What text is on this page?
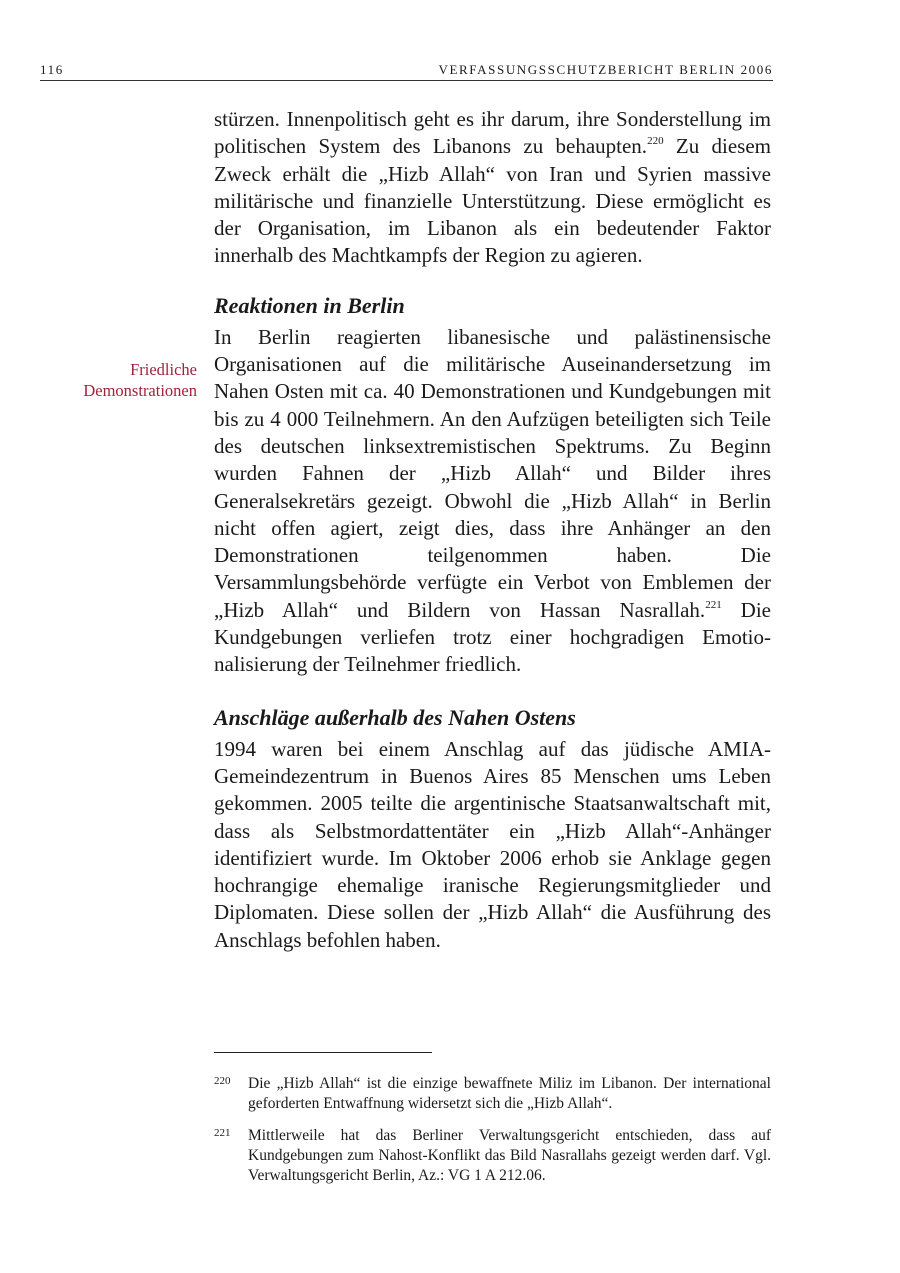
116	VERFASSUNGSSCHUTZBERICHT BERLIN 2006
Friedliche
Demonstrationen

stürzen. Innenpolitisch geht es ihr darum, ihre Sonderstellung im politischen System des Libanons zu behaupten.$^{220}$ Zu diesem Zweck erhält die „Hizb Allah“ von Iran und Syrien massive militärische und finanzielle Unterstützung. Diese ermöglicht es der Organisation, im Libanon als ein bedeutender Faktor innerhalb des Machtkampfs der Region zu agieren.

Reaktionen in Berlin

In Berlin reagierten libanesische und palästinensische Organisationen auf die militärische Auseinandersetzung im Nahen Osten mit ca. 40 Demonstrationen und Kundgebungen mit bis zu 4 000 Teilnehmern. An den Aufzügen beteiligten sich Teile des deutschen linksextremistischen Spektrums. Zu Beginn wurden Fahnen der „Hizb Allah“ und Bilder ihres Generalsekretärs gezeigt. Obwohl die „Hizb Allah“ in Berlin nicht offen agiert, zeigt dies, dass ihre Anhänger an den Demonstrationen teilgenommen haben. Die Versammlungsbehörde verfügte ein Verbot von Emblemen der „Hizb Allah“ und Bildern von Hassan Nasrallah.$^{221}$ Die Kundgebungen verliefen trotz einer hochgradigen Emotionalisierung der Teilnehmer friedlich.

Anschläge außerhalb des Nahen Ostens

1994 waren bei einem Anschlag auf das jüdische AMIA-Gemeindezentrum in Buenos Aires 85 Menschen ums Leben gekommen. 2005 teilte die argentinische Staatsanwaltschaft mit, dass als Selbstmordattentäter ein „Hizb Allah“-Anhänger identifiziert wurde. Im Oktober 2006 erhob sie Anklage gegen hochrangige ehemalige iranische Regierungsmitglieder und Diplomaten. Diese sollen der „Hizb Allah“ die Ausführung des Anschlags befohlen haben.

220 Die „Hizb Allah“ ist die einzige bewaffnete Miliz im Libanon. Der international geforderten Entwaffnung widersetzt sich die „Hizb Allah“.
221 Mittlerweile hat das Berliner Verwaltungsgericht entschieden, dass auf Kundgebungen zum Nahost-Konflikt das Bild Nasrallahs gezeigt werden darf. Vgl. Verwaltungsgericht Berlin, Az.: VG 1 A 212.06.
